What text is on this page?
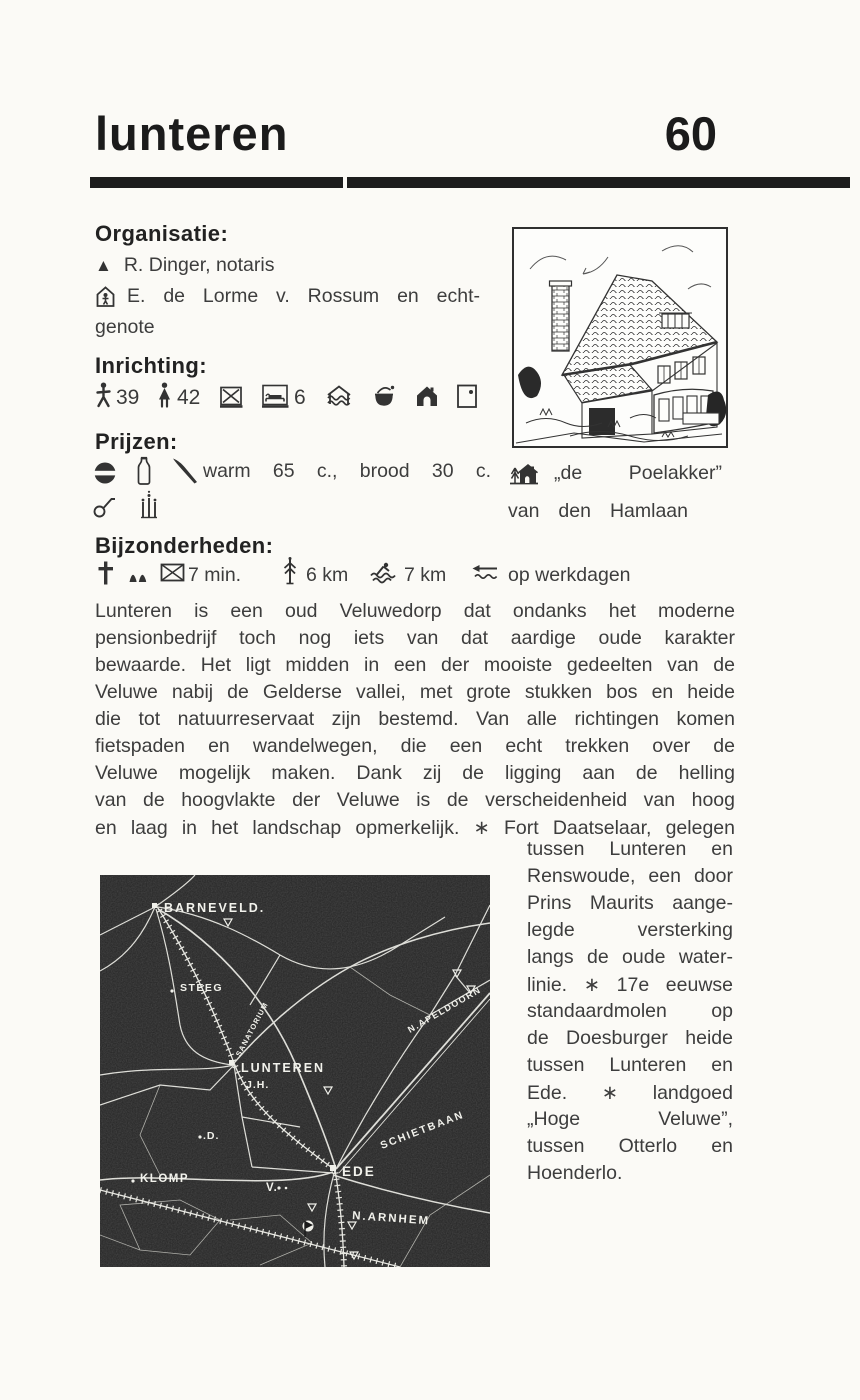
lunteren	60
Organisatie:
▲ R. Dinger, notaris
E. de Lorme v. Rossum en echt-
genote
Inrichting:
39 42	6
Prijzen:
warm 65 c., brood 30 c.
Bijzonderheden:
7 min.	6 km	7 km	op werkdagen
Lunteren is een oud Veluwedorp dat ondanks het moderne
pensionbedrijf toch nog iets van dat aardige oude karakter
bewaarde. Het ligt midden in een der mooiste gedeelten van de
Veluwe nabij de Gelderse vallei, met grote stukken bos en heide
die tot natuurreservaat zijn bestemd. Van alle richtingen komen
fietspaden en wandelwegen, die een echt trekken over de
Veluwe mogelijk maken. Dank zij de ligging aan de helling
van de hoogvlakte der Veluwe is de verscheidenheid van hoog
en laag in het landschap opmerkelijk. ∗ Fort Daatselaar, gelegen
„de Poelakker”
van den Hamlaan
BARNEVELD.
STEEG
LUNTEREN
J.H.
.D.
KLOMP
V.
EDE
SCHIETBAAN
N.ARNHEM
N.APELDOORN
SANATORIUM
tussen Lunteren en
Renswoude, een door
Prins Maurits aange-
legde versterking
langs de oude water-
linie. ∗ 17e eeuwse
standaardmolen op
de Doesburger heide
tussen Lunteren en
Ede. ∗ landgoed
„Hoge Veluwe”,
tussen Otterlo en
Hoenderlo.
